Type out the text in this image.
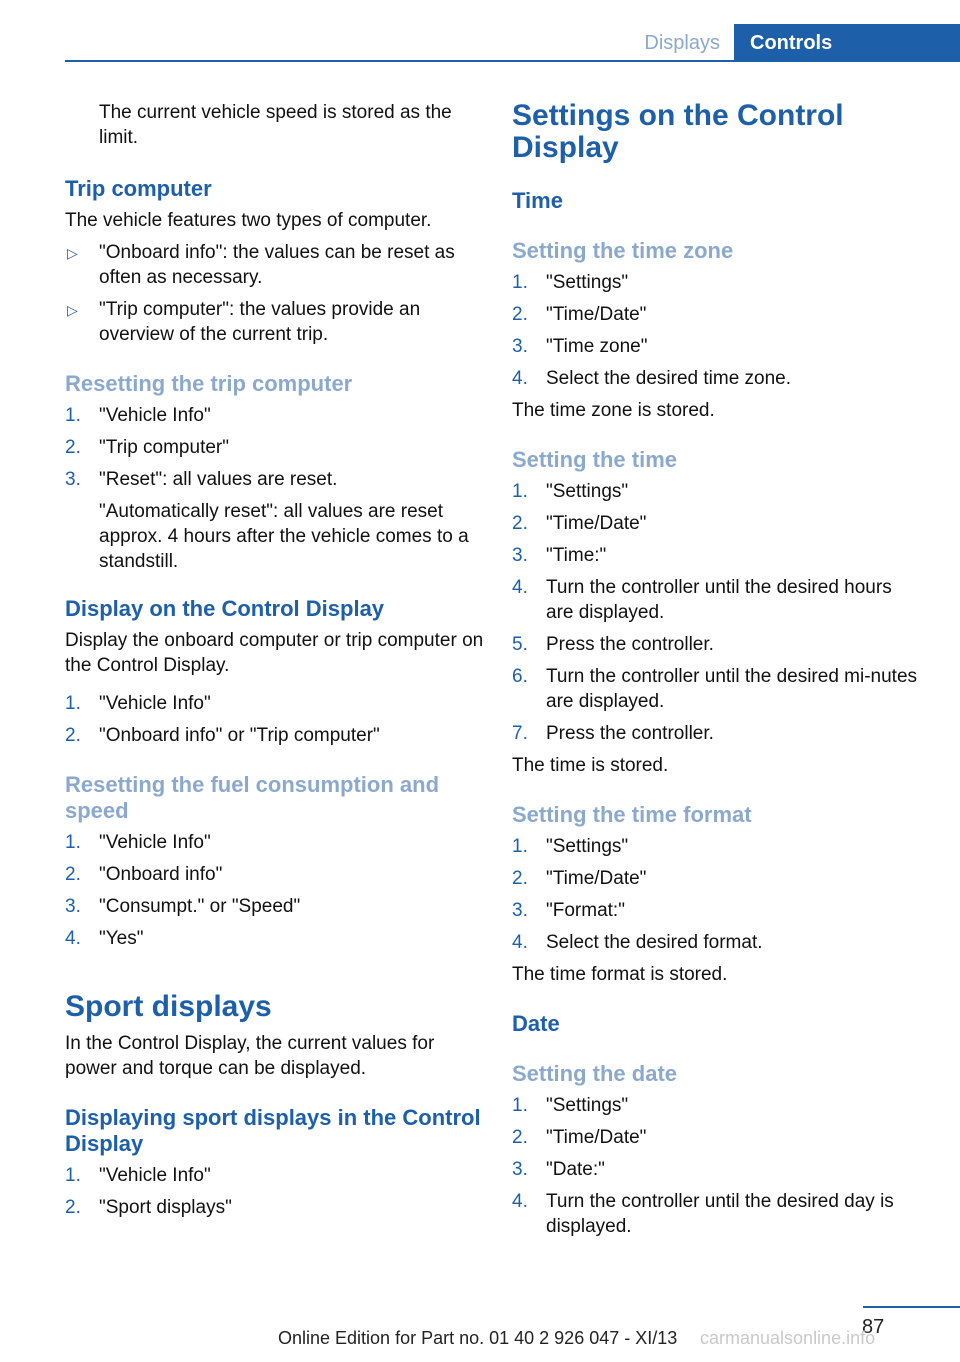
Displays	Controls

The current vehicle speed is stored as the limit.

Trip computer

The vehicle features two types of computer.

▷ "Onboard info": the values can be reset as often as necessary.
▷ "Trip computer": the values provide an overview of the current trip.
Resetting the trip computer
1. "Vehicle Info"
2. "Trip computer"
3. "Reset": all values are reset.
"Automatically reset": all values are reset approx. 4 hours after the vehicle comes to a standstill.
Display on the Control Display

Display the onboard computer or trip computer on the Control Display.

1. "Vehicle Info"
2. "Onboard info" or "Trip computer"
Resetting the fuel consumption and speed
1. "Vehicle Info"
2. "Onboard info"
3. "Consumpt." or "Speed"
4. "Yes"
Sport displays

In the Control Display, the current values for power and torque can be displayed.

Displaying sport displays in the Control Display
1. "Vehicle Info"
2. "Sport displays"
Settings on the Control Display
Time
Setting the time zone
1. "Settings"
2. "Time/Date"
3. "Time zone"
4. Select the desired time zone.

The time zone is stored.

Setting the time
1. "Settings"
2. "Time/Date"
3. "Time:"
4. Turn the controller until the desired hours are displayed.
5. Press the controller.
6. Turn the controller until the desired mi‐nutes are displayed.
7. Press the controller.

The time is stored.

Setting the time format
1. "Settings"
2. "Time/Date"
3. "Format:"
4. Select the desired format.

The time format is stored.

Date
Setting the date
1. "Settings"
2. "Time/Date"
3. "Date:"
4. Turn the controller until the desired day is displayed.
87
Online Edition for Part no. 01 40 2 926 047 - XI/13 carmanualsonline.info
